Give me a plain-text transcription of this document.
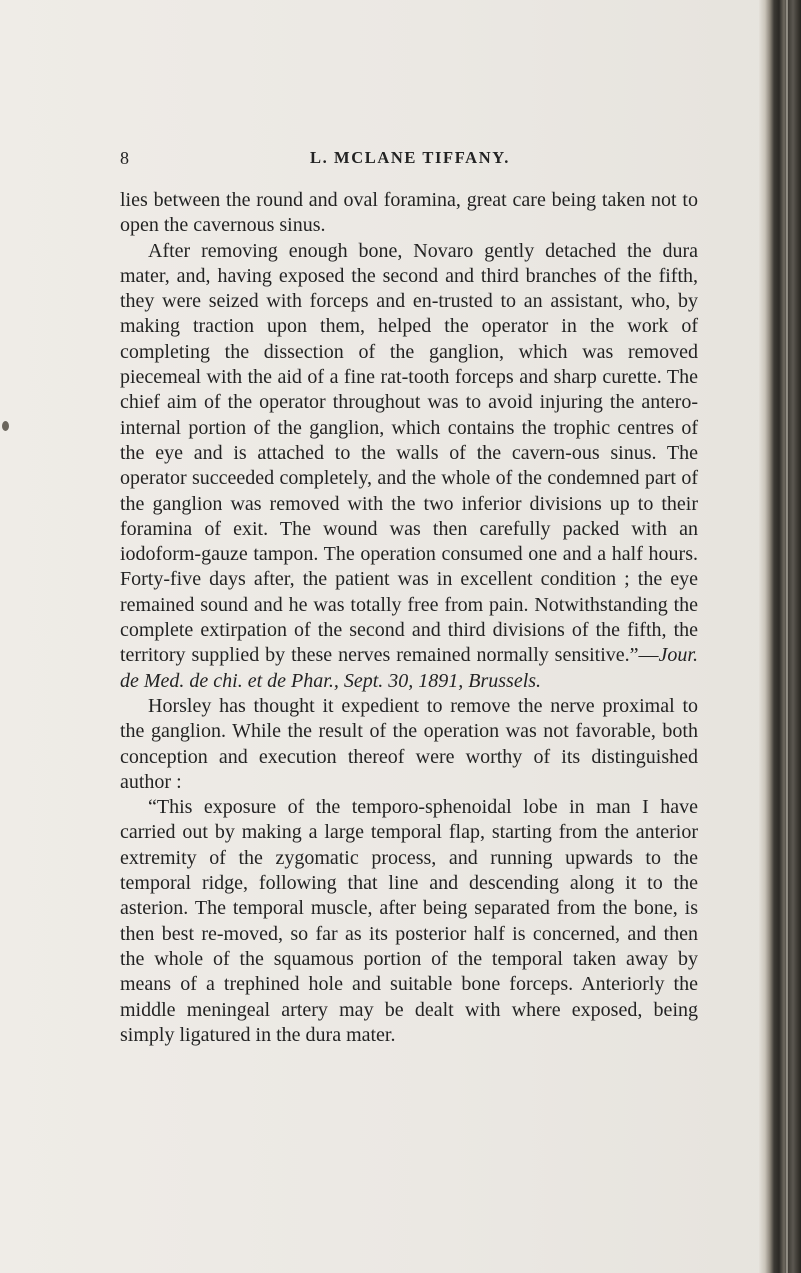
8	L. MCLANE TIFFANY.

lies between the round and oval foramina, great care being taken not to open the cavernous sinus.

After removing enough bone, Novaro gently detached the dura mater, and, having exposed the second and third branches of the fifth, they were seized with forceps and en-trusted to an assistant, who, by making traction upon them, helped the operator in the work of completing the dissection of the ganglion, which was removed piecemeal with the aid of a fine rat-tooth forceps and sharp curette. The chief aim of the operator throughout was to avoid injuring the antero-internal portion of the ganglion, which contains the trophic centres of the eye and is attached to the walls of the cavern-ous sinus. The operator succeeded completely, and the whole of the condemned part of the ganglion was removed with the two inferior divisions up to their foramina of exit. The wound was then carefully packed with an iodoform-gauze tampon. The operation consumed one and a half hours. Forty-five days after, the patient was in excellent condition ; the eye remained sound and he was totally free from pain. Notwithstanding the complete extirpation of the second and third divisions of the fifth, the territory supplied by these nerves remained normally sensitive.”—Jour. de Med. de chi. et de Phar., Sept. 30, 1891, Brussels.

Horsley has thought it expedient to remove the nerve proximal to the ganglion. While the result of the operation was not favorable, both conception and execution thereof were worthy of its distinguished author :

“This exposure of the temporo-sphenoidal lobe in man I have carried out by making a large temporal flap, starting from the anterior extremity of the zygomatic process, and running upwards to the temporal ridge, following that line and descending along it to the asterion. The temporal muscle, after being separated from the bone, is then best re-moved, so far as its posterior half is concerned, and then the whole of the squamous portion of the temporal taken away by means of a trephined hole and suitable bone forceps. Anteriorly the middle meningeal artery may be dealt with where exposed, being simply ligatured in the dura mater.
